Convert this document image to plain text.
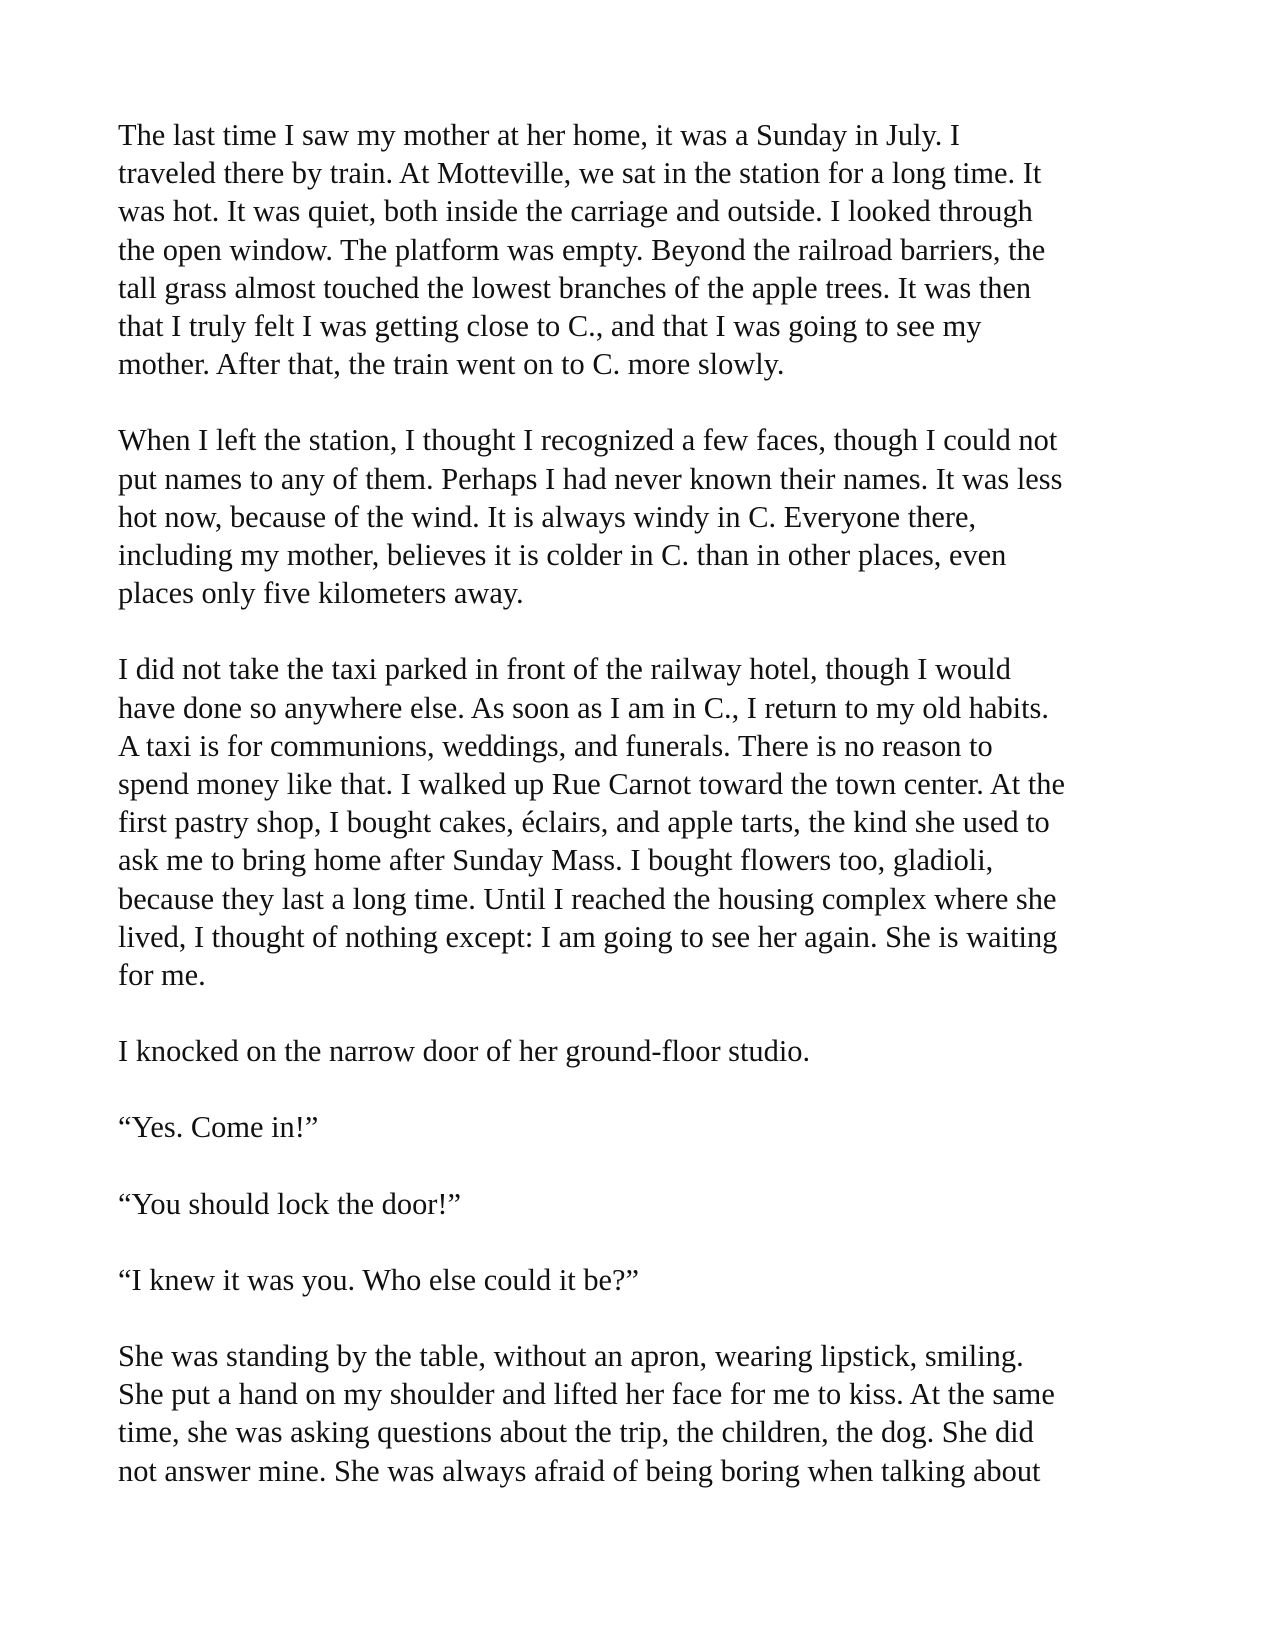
The last time I saw my mother at her home, it was a Sunday in July. I
traveled there by train. At Motteville, we sat in the station for a long time. It
was hot. It was quiet, both inside the carriage and outside. I looked through
the open window. The platform was empty. Beyond the railroad barriers, the
tall grass almost touched the lowest branches of the apple trees. It was then
that I truly felt I was getting close to C., and that I was going to see my
mother. After that, the train went on to C. more slowly.

When I left the station, I thought I recognized a few faces, though I could not
put names to any of them. Perhaps I had never known their names. It was less
hot now, because of the wind. It is always windy in C. Everyone there,
including my mother, believes it is colder in C. than in other places, even
places only five kilometers away.

I did not take the taxi parked in front of the railway hotel, though I would
have done so anywhere else. As soon as I am in C., I return to my old habits.
A taxi is for communions, weddings, and funerals. There is no reason to
spend money like that. I walked up Rue Carnot toward the town center. At the
first pastry shop, I bought cakes, éclairs, and apple tarts, the kind she used to
ask me to bring home after Sunday Mass. I bought flowers too, gladioli,
because they last a long time. Until I reached the housing complex where she
lived, I thought of nothing except: I am going to see her again. She is waiting
for me.

I knocked on the narrow door of her ground-floor studio.

“Yes. Come in!”

“You should lock the door!”

“I knew it was you. Who else could it be?”

She was standing by the table, without an apron, wearing lipstick, smiling.
She put a hand on my shoulder and lifted her face for me to kiss. At the same
time, she was asking questions about the trip, the children, the dog. She did
not answer mine. She was always afraid of being boring when talking about
